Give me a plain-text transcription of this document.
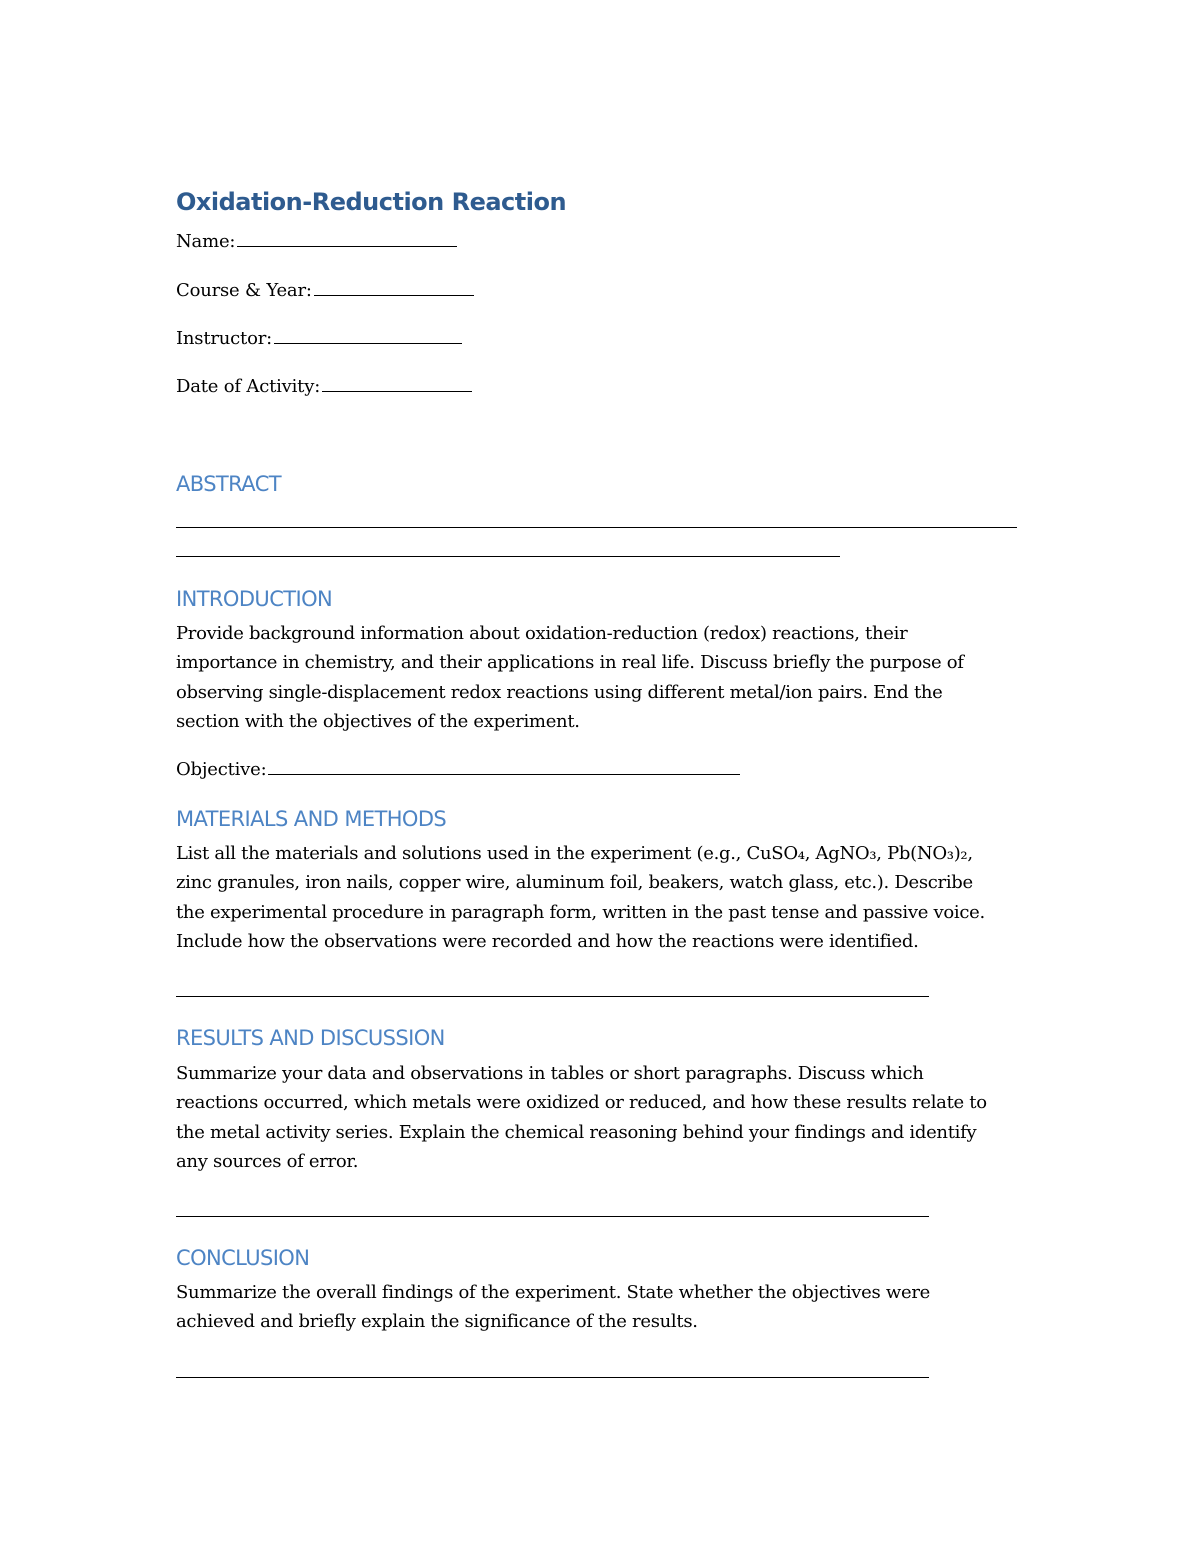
Oxidation-Reduction Reaction
Name:
Course & Year:
Instructor:
Date of Activity:
ABSTRACT
INTRODUCTION
Provide background information about oxidation-reduction (redox) reactions, their
importance in chemistry, and their applications in real life. Discuss briefly the purpose of
observing single-displacement redox reactions using different metal/ion pairs. End the
section with the objectives of the experiment.
Objective:
MATERIALS AND METHODS
List all the materials and solutions used in the experiment (e.g., CuSO₄, AgNO₃, Pb(NO₃)₂,
zinc granules, iron nails, copper wire, aluminum foil, beakers, watch glass, etc.). Describe
the experimental procedure in paragraph form, written in the past tense and passive voice.
Include how the observations were recorded and how the reactions were identified.
RESULTS AND DISCUSSION
Summarize your data and observations in tables or short paragraphs. Discuss which
reactions occurred, which metals were oxidized or reduced, and how these results relate to
the metal activity series. Explain the chemical reasoning behind your findings and identify
any sources of error.
CONCLUSION
Summarize the overall findings of the experiment. State whether the objectives were
achieved and briefly explain the significance of the results.
